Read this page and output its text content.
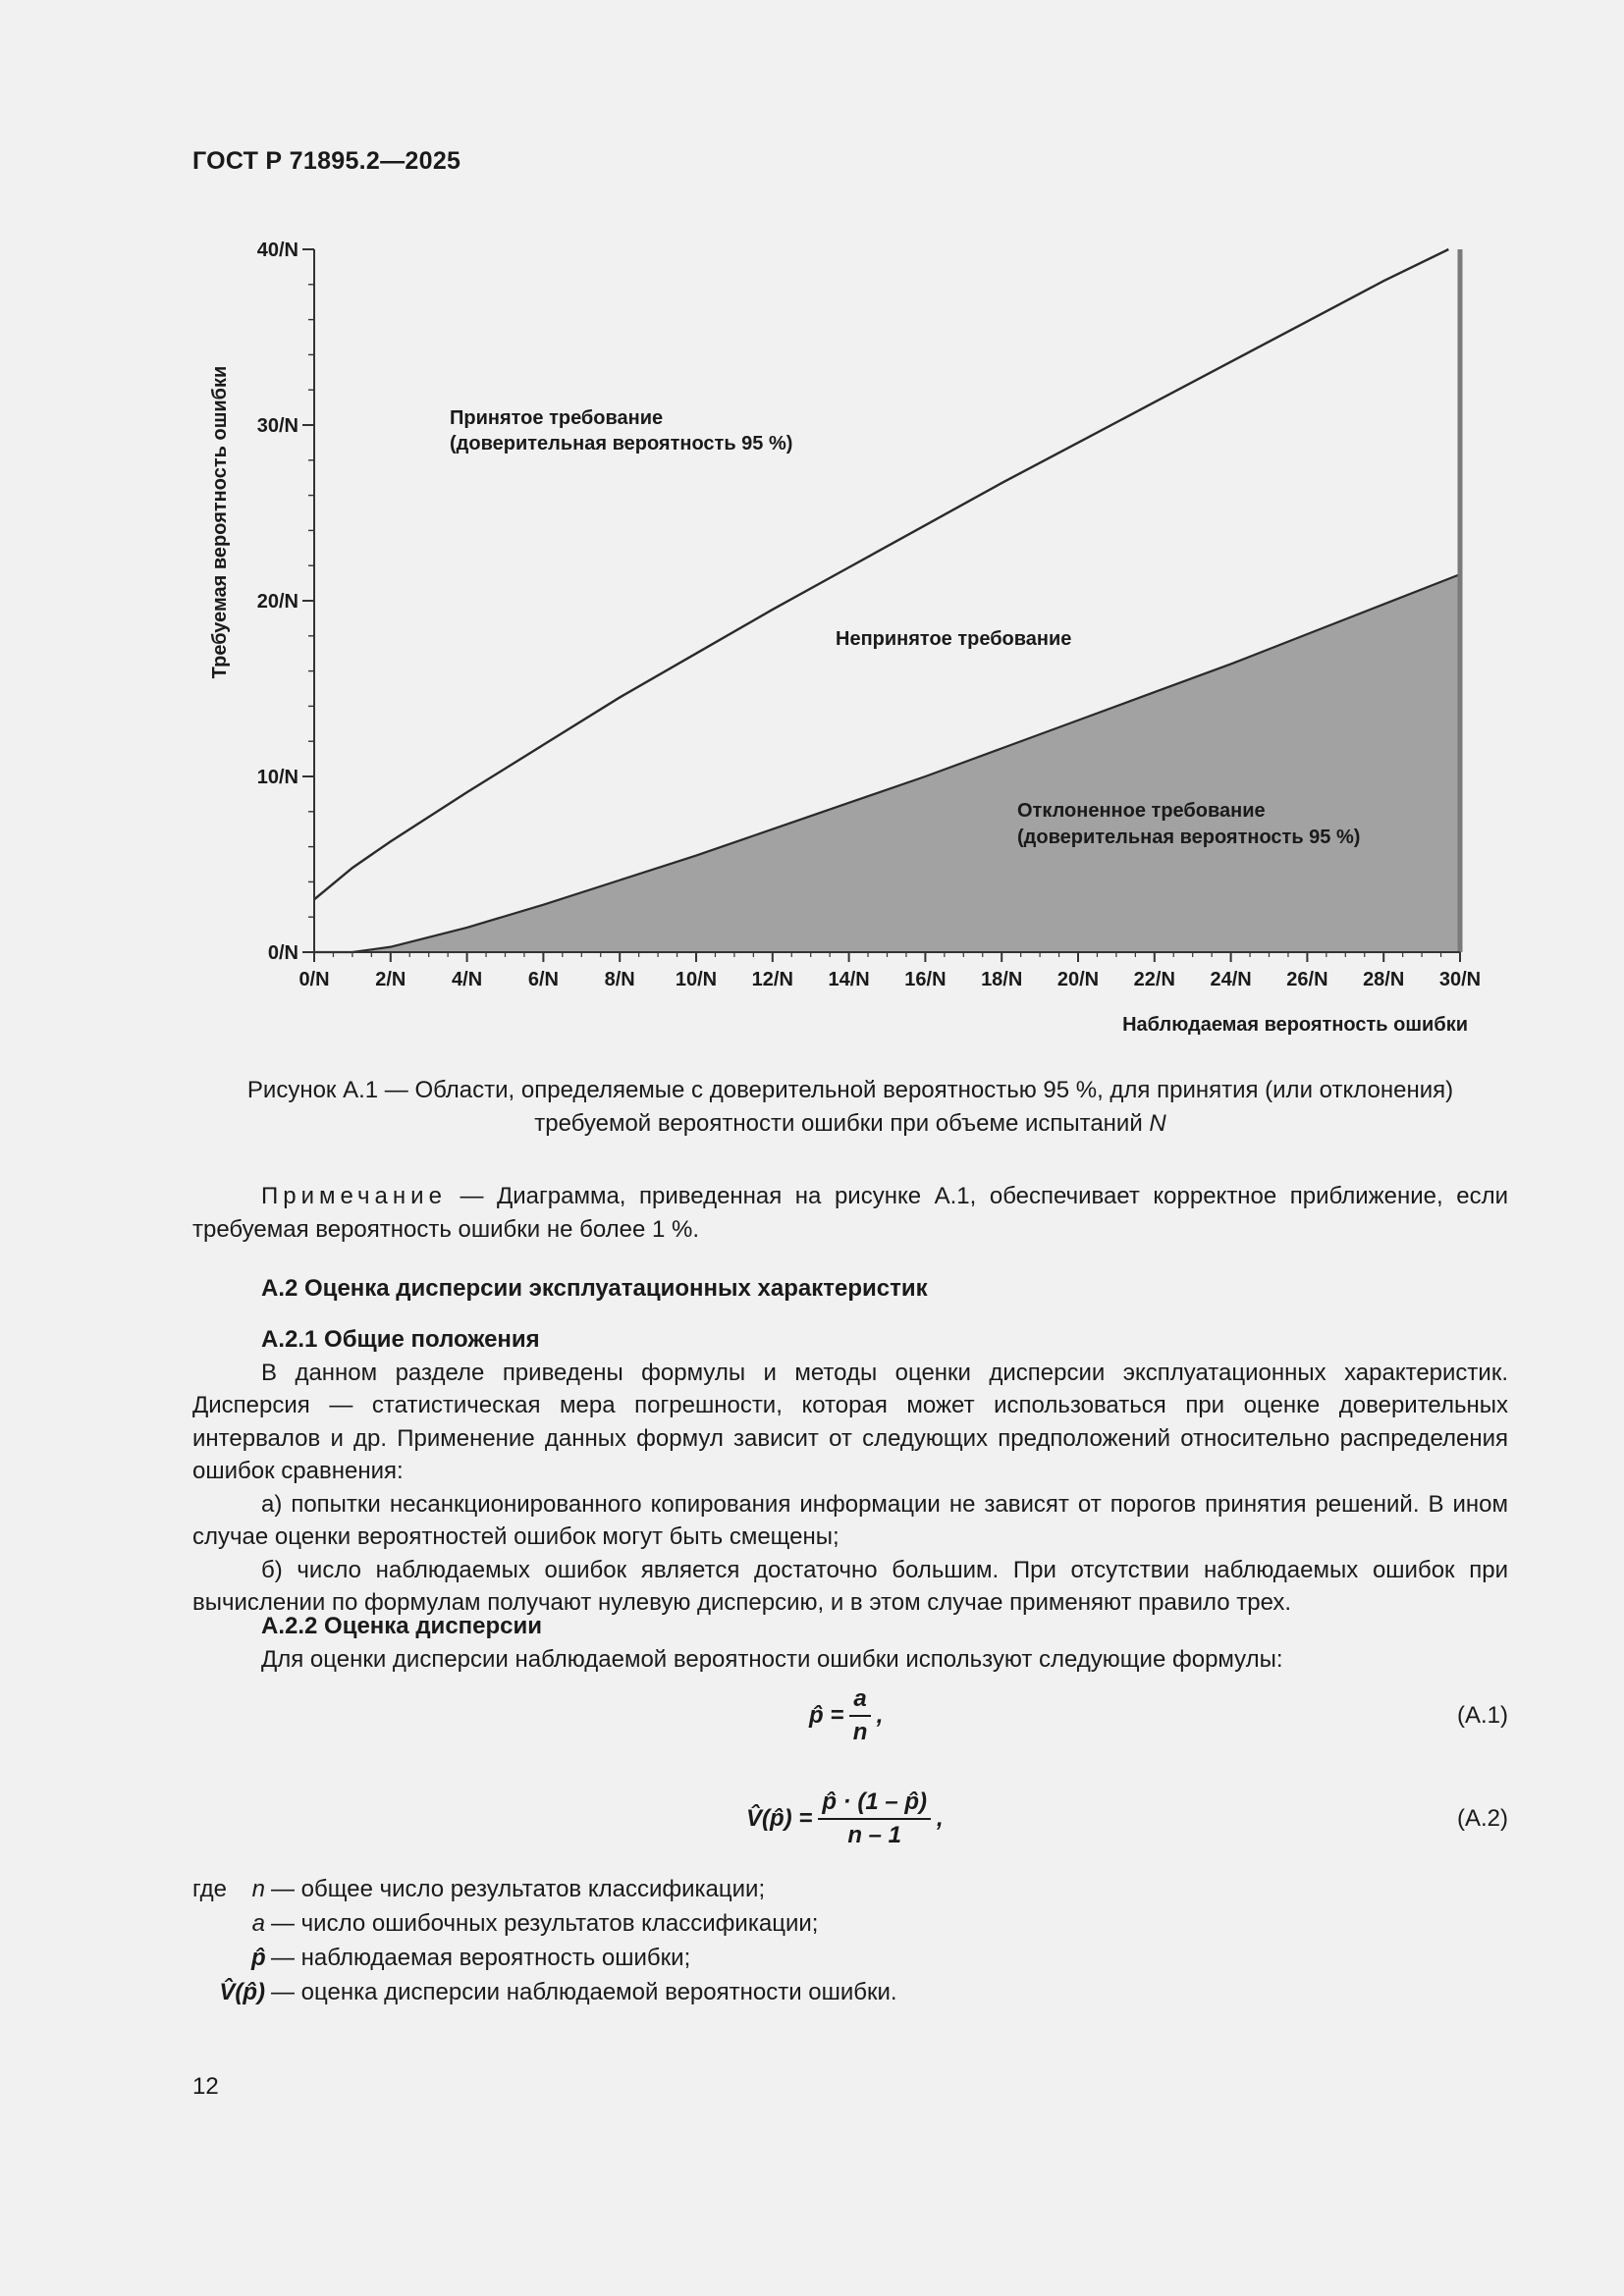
ГОСТ Р 71895.2—2025
0/N
10/N
20/N
30/N
40/N
0/N 2/N 4/N 6/N 8/N 10/N 12/N 14/N 16/N 18/N 20/N 22/N 24/N 26/N 28/N 30/N
Требуемая вероятность ошибки
Наблюдаемая вероятность ошибки
Принятое требование
(доверительная вероятность 95 %)
Непринятое требование
Отклоненное требование
(доверительная вероятность 95 %)
Рисунок А.1 — Области, определяемые с доверительной вероятностью 95 %, для принятия (или отклонения)
требуемой вероятности ошибки при объеме испытаний N

Примечание — Диаграмма, приведенная на рисунке А.1, обеспечивает корректное приближение, если требуемая вероятность ошибки не более 1 %.

А.2 Оценка дисперсии эксплуатационных характеристик

А.2.1 Общие положения

В данном разделе приведены формулы и методы оценки дисперсии эксплуатационных характеристик. Дисперсия — статистическая мера погрешности, которая может использоваться при оценке доверительных интервалов и др. Применение данных формул зависит от следующих предположений относительно распределения ошибок сравнения:

а) попытки несанкционированного копирования информации не зависят от порогов принятия решений. В ином случае оценки вероятностей ошибок могут быть смещены;

б) число наблюдаемых ошибок является достаточно большим. При отсутствии наблюдаемых ошибок при вычислении по формулам получают нулевую дисперсию, и в этом случае применяют правило трех.

А.2.2 Оценка дисперсии

Для оценки дисперсии наблюдаемой вероятности ошибки используют следующие формулы:

p̂ = $\frac{a}{n}$ ,	(А.1)
V̂(p̂) = $\frac{p̂ \cdot (1 - p̂)}{n - 1}$ ,	(А.2)
где	n — общее число результатов классификации;
a — число ошибочных результатов классификации;
p̂ — наблюдаемая вероятность ошибки;
V̂(p̂) — оценка дисперсии наблюдаемой вероятности ошибки.
12
